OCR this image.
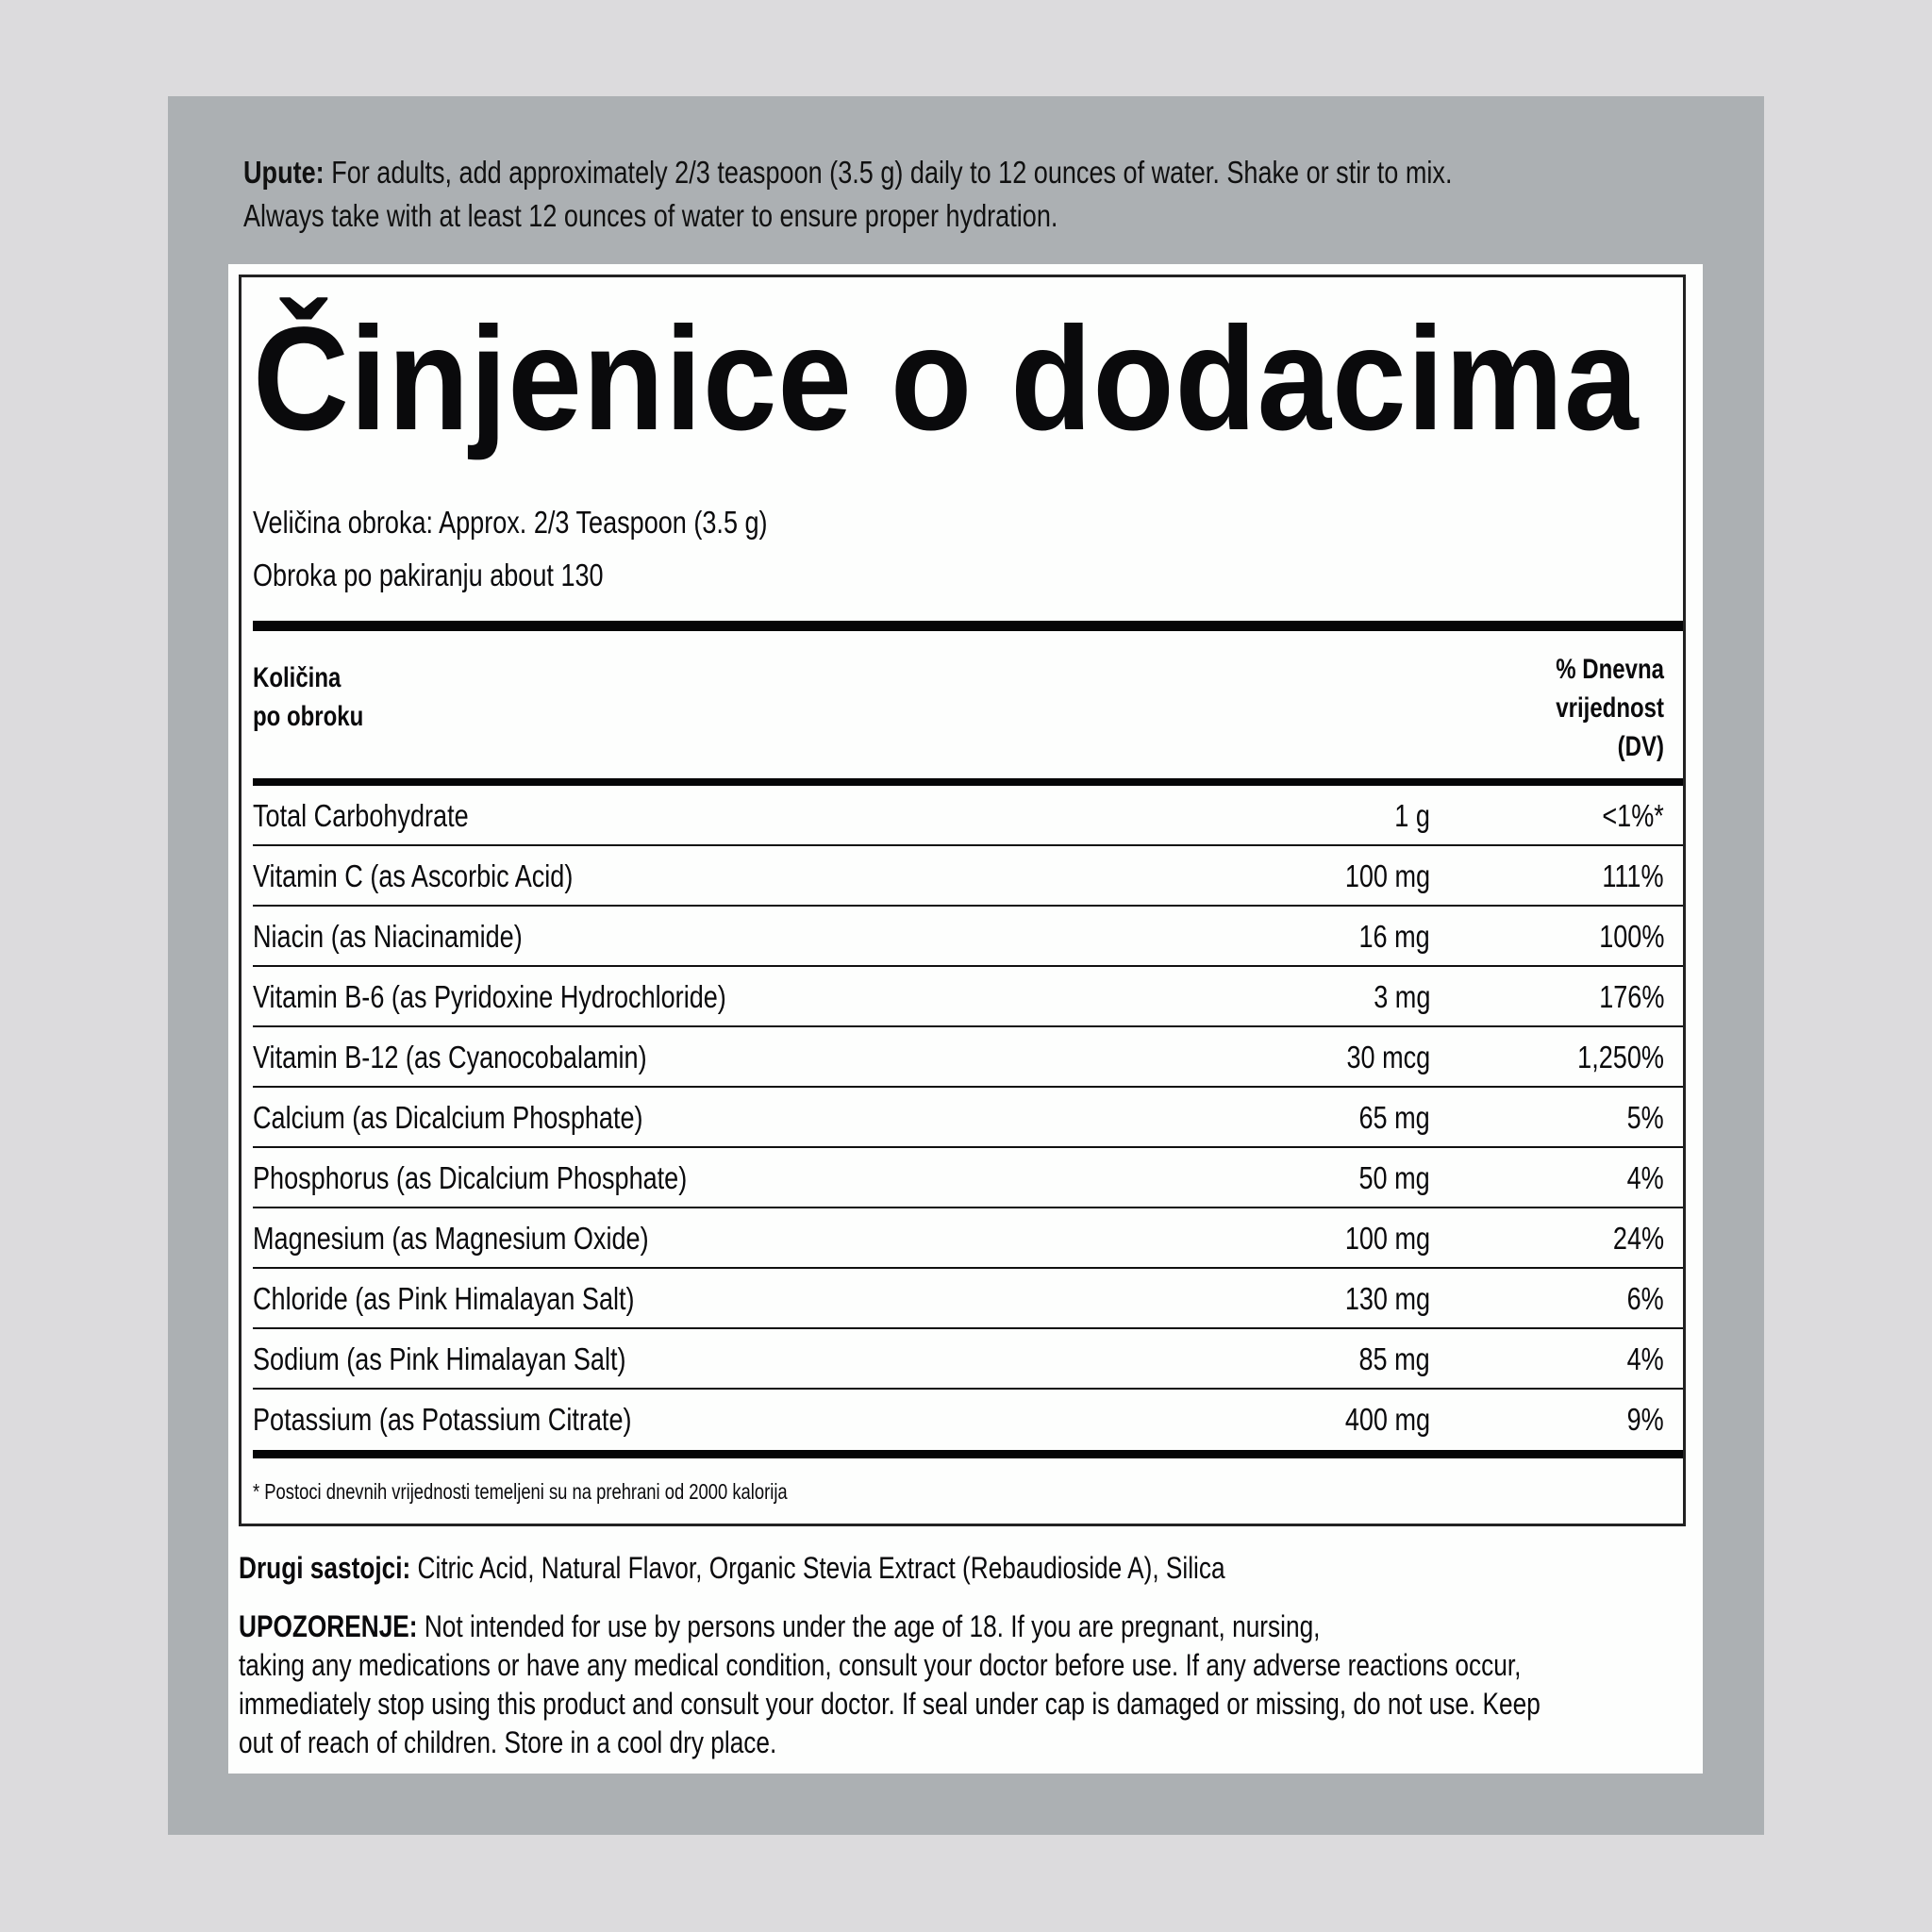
Upute: For adults, add approximately 2/3 teaspoon (3.5 g) daily to 12 ounces of water. Shake or stir to mix.
Always take with at least 12 ounces of water to ensure proper hydration.
Činjenice o dodacima
Veličina obroka: Approx. 2/3 Teaspoon (3.5 g)
Obroka po pakiranju about 130
Količina
po obroku
% Dnevna
vrijednost
(DV)
Total Carbohydrate	1 g	<1%*
Vitamin C (as Ascorbic Acid)	100 mg	111%
Niacin (as Niacinamide)	16 mg	100%
Vitamin B-6 (as Pyridoxine Hydrochloride)	3 mg	176%
Vitamin B-12 (as Cyanocobalamin)	30 mcg	1,250%
Calcium (as Dicalcium Phosphate)	65 mg	5%
Phosphorus (as Dicalcium Phosphate)	50 mg	4%
Magnesium (as Magnesium Oxide)	100 mg	24%
Chloride (as Pink Himalayan Salt)	130 mg	6%
Sodium (as Pink Himalayan Salt)	85 mg	4%
Potassium (as Potassium Citrate)	400 mg	9%
* Postoci dnevnih vrijednosti temeljeni su na prehrani od 2000 kalorija
Drugi sastojci: Citric Acid, Natural Flavor, Organic Stevia Extract (Rebaudioside A), Silica
UPOZORENJE: Not intended for use by persons under the age of 18. If you are pregnant, nursing,
taking any medications or have any medical condition, consult your doctor before use. If any adverse reactions occur,
immediately stop using this product and consult your doctor. If seal under cap is damaged or missing, do not use. Keep
out of reach of children. Store in a cool dry place.
